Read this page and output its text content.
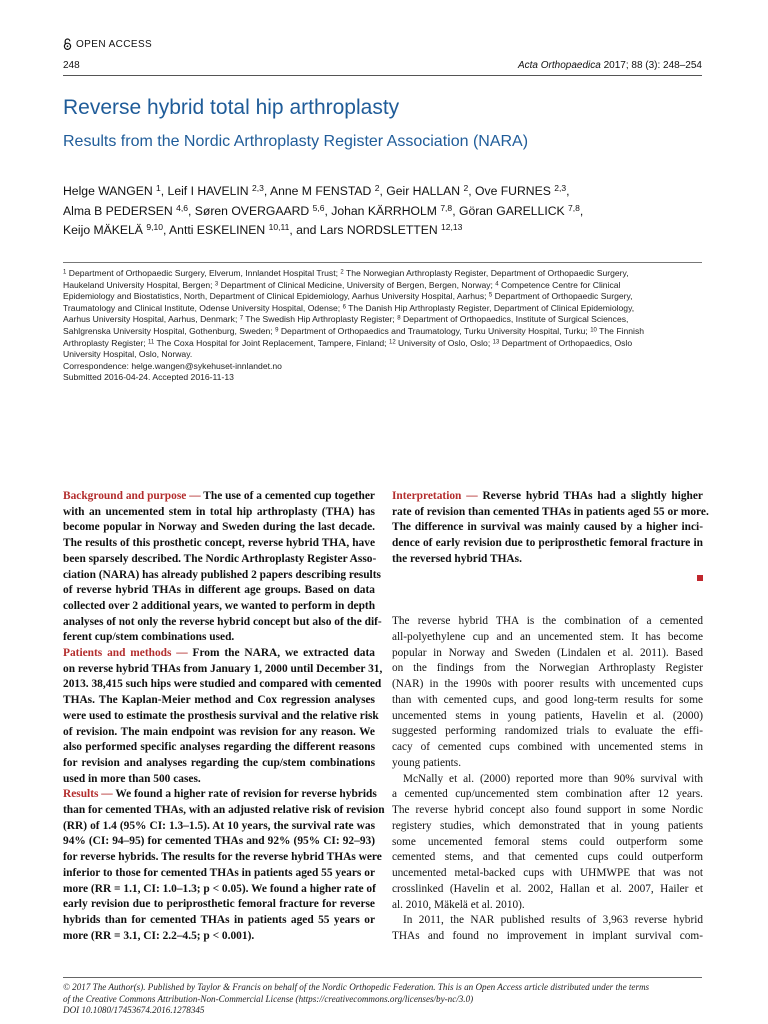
OPEN ACCESS
248	Acta Orthopaedica 2017; 88 (3): 248–254
Reverse hybrid total hip arthroplasty
Results from the Nordic Arthroplasty Register Association (NARA)
Helge WANGEN $^1$, Leif I HAVELIN $^{2,3}$, Anne M FENSTAD $^2$, Geir HALLAN $^2$, Ove FURNES $^{2,3}$,
Alma B PEDERSEN $^{4,6}$, Søren OVERGAARD $^{5,6}$, Johan KÄRRHOLM $^{7,8}$, Göran GARELLICK $^{7,8}$,
Keijo MÄKELÄ $^{9,10}$, Antti ESKELINEN $^{10,11}$, and Lars NORDSLETTEN $^{12,13}$
$^1$ Department of Orthopaedic Surgery, Elverum, Innlandet Hospital Trust; $^2$ The Norwegian Arthroplasty Register, Department of Orthopaedic Surgery,
Haukeland University Hospital, Bergen; $^3$ Department of Clinical Medicine, University of Bergen, Bergen, Norway; $^4$ Competence Centre for Clinical
Epidemiology and Biostatistics, North, Department of Clinical Epidemiology, Aarhus University Hospital, Aarhus; $^5$ Department of Orthopaedic Surgery,
Traumatology and Clinical Institute, Odense University Hospital, Odense; $^6$ The Danish Hip Arthroplasty Register, Department of Clinical Epidemiology,
Aarhus University Hospital, Aarhus, Denmark; $^7$ The Swedish Hip Arthroplasty Register; $^8$ Department of Orthopaedics, Institute of Surgical Sciences,
Sahlgrenska University Hospital, Gothenburg, Sweden; $^9$ Department of Orthopaedics and Traumatology, Turku University Hospital, Turku; $^{10}$ The Finnish
Arthroplasty Register; $^{11}$ The Coxa Hospital for Joint Replacement, Tampere, Finland; $^{12}$ University of Oslo, Oslo; $^{13}$ Department of Orthopaedics, Oslo
University Hospital, Oslo, Norway.
Correspondence: helge.wangen@sykehuset-innlandet.no
Submitted 2016-04-24. Accepted 2016-11-13
Background and purpose — The use of a cemented cup together
with an uncemented stem in total hip arthroplasty (THA) has
become popular in Norway and Sweden during the last decade.
The results of this prosthetic concept, reverse hybrid THA, have
been sparsely described. The Nordic Arthroplasty Register Asso-
ciation (NARA) has already published 2 papers describing results
of reverse hybrid THAs in different age groups. Based on data
collected over 2 additional years, we wanted to perform in depth
analyses of not only the reverse hybrid concept but also of the dif-
ferent cup/stem combinations used.
Patients and methods — From the NARA, we extracted data
on reverse hybrid THAs from January 1, 2000 until December 31,
2013. 38,415 such hips were studied and compared with cemented
THAs. The Kaplan-Meier method and Cox regression analyses
were used to estimate the prosthesis survival and the relative risk
of revision. The main endpoint was revision for any reason. We
also performed specific analyses regarding the different reasons
for revision and analyses regarding the cup/stem combinations
used in more than 500 cases.
Results — We found a higher rate of revision for reverse hybrids
than for cemented THAs, with an adjusted relative risk of revision
(RR) of 1.4 (95% CI: 1.3–1.5). At 10 years, the survival rate was
94% (CI: 94–95) for cemented THAs and 92% (95% CI: 92–93)
for reverse hybrids. The results for the reverse hybrid THAs were
inferior to those for cemented THAs in patients aged 55 years or
more (RR = 1.1, CI: 1.0–1.3; p < 0.05). We found a higher rate of
early revision due to periprosthetic femoral fracture for reverse
hybrids than for cemented THAs in patients aged 55 years or
more (RR = 3.1, CI: 2.2–4.5; p < 0.001).
Interpretation — Reverse hybrid THAs had a slightly higher
rate of revision than cemented THAs in patients aged 55 or more.
The difference in survival was mainly caused by a higher inci-
dence of early revision due to periprosthetic femoral fracture in
the reversed hybrid THAs.
The reverse hybrid THA is the combination of a cemented
all-polyethylene cup and an uncemented stem. It has become
popular in Norway and Sweden (Lindalen et al. 2011). Based
on the findings from the Norwegian Arthroplasty Register
(NAR) in the 1990s with poorer results with uncemented cups
than with cemented cups, and good long-term results for some
uncemented stems in young patients, Havelin et al. (2000)
suggested performing randomized trials to evaluate the effi-
cacy of cemented cups combined with uncemented stems in
young patients.
McNally et al. (2000) reported more than 90% survival with
a cemented cup/uncemented stem combination after 12 years.
The reverse hybrid concept also found support in some Nordic
registery studies, which demonstrated that in young patients
some uncemented femoral stems could outperform some
cemented stems, and that cemented cups could outperform
uncemented metal-backed cups with UHMWPE that was not
crosslinked (Havelin et al. 2002, Hallan et al. 2007, Hailer et
al. 2010, Mäkelä et al. 2010).
In 2011, the NAR published results of 3,963 reverse hybrid
THAs and found no improvement in implant survival com-
© 2017 The Author(s). Published by Taylor & Francis on behalf of the Nordic Orthopedic Federation. This is an Open Access article distributed under the terms
of the Creative Commons Attribution-Non-Commercial License (https://creativecommons.org/licenses/by-nc/3.0)
DOI 10.1080/17453674.2016.1278345
